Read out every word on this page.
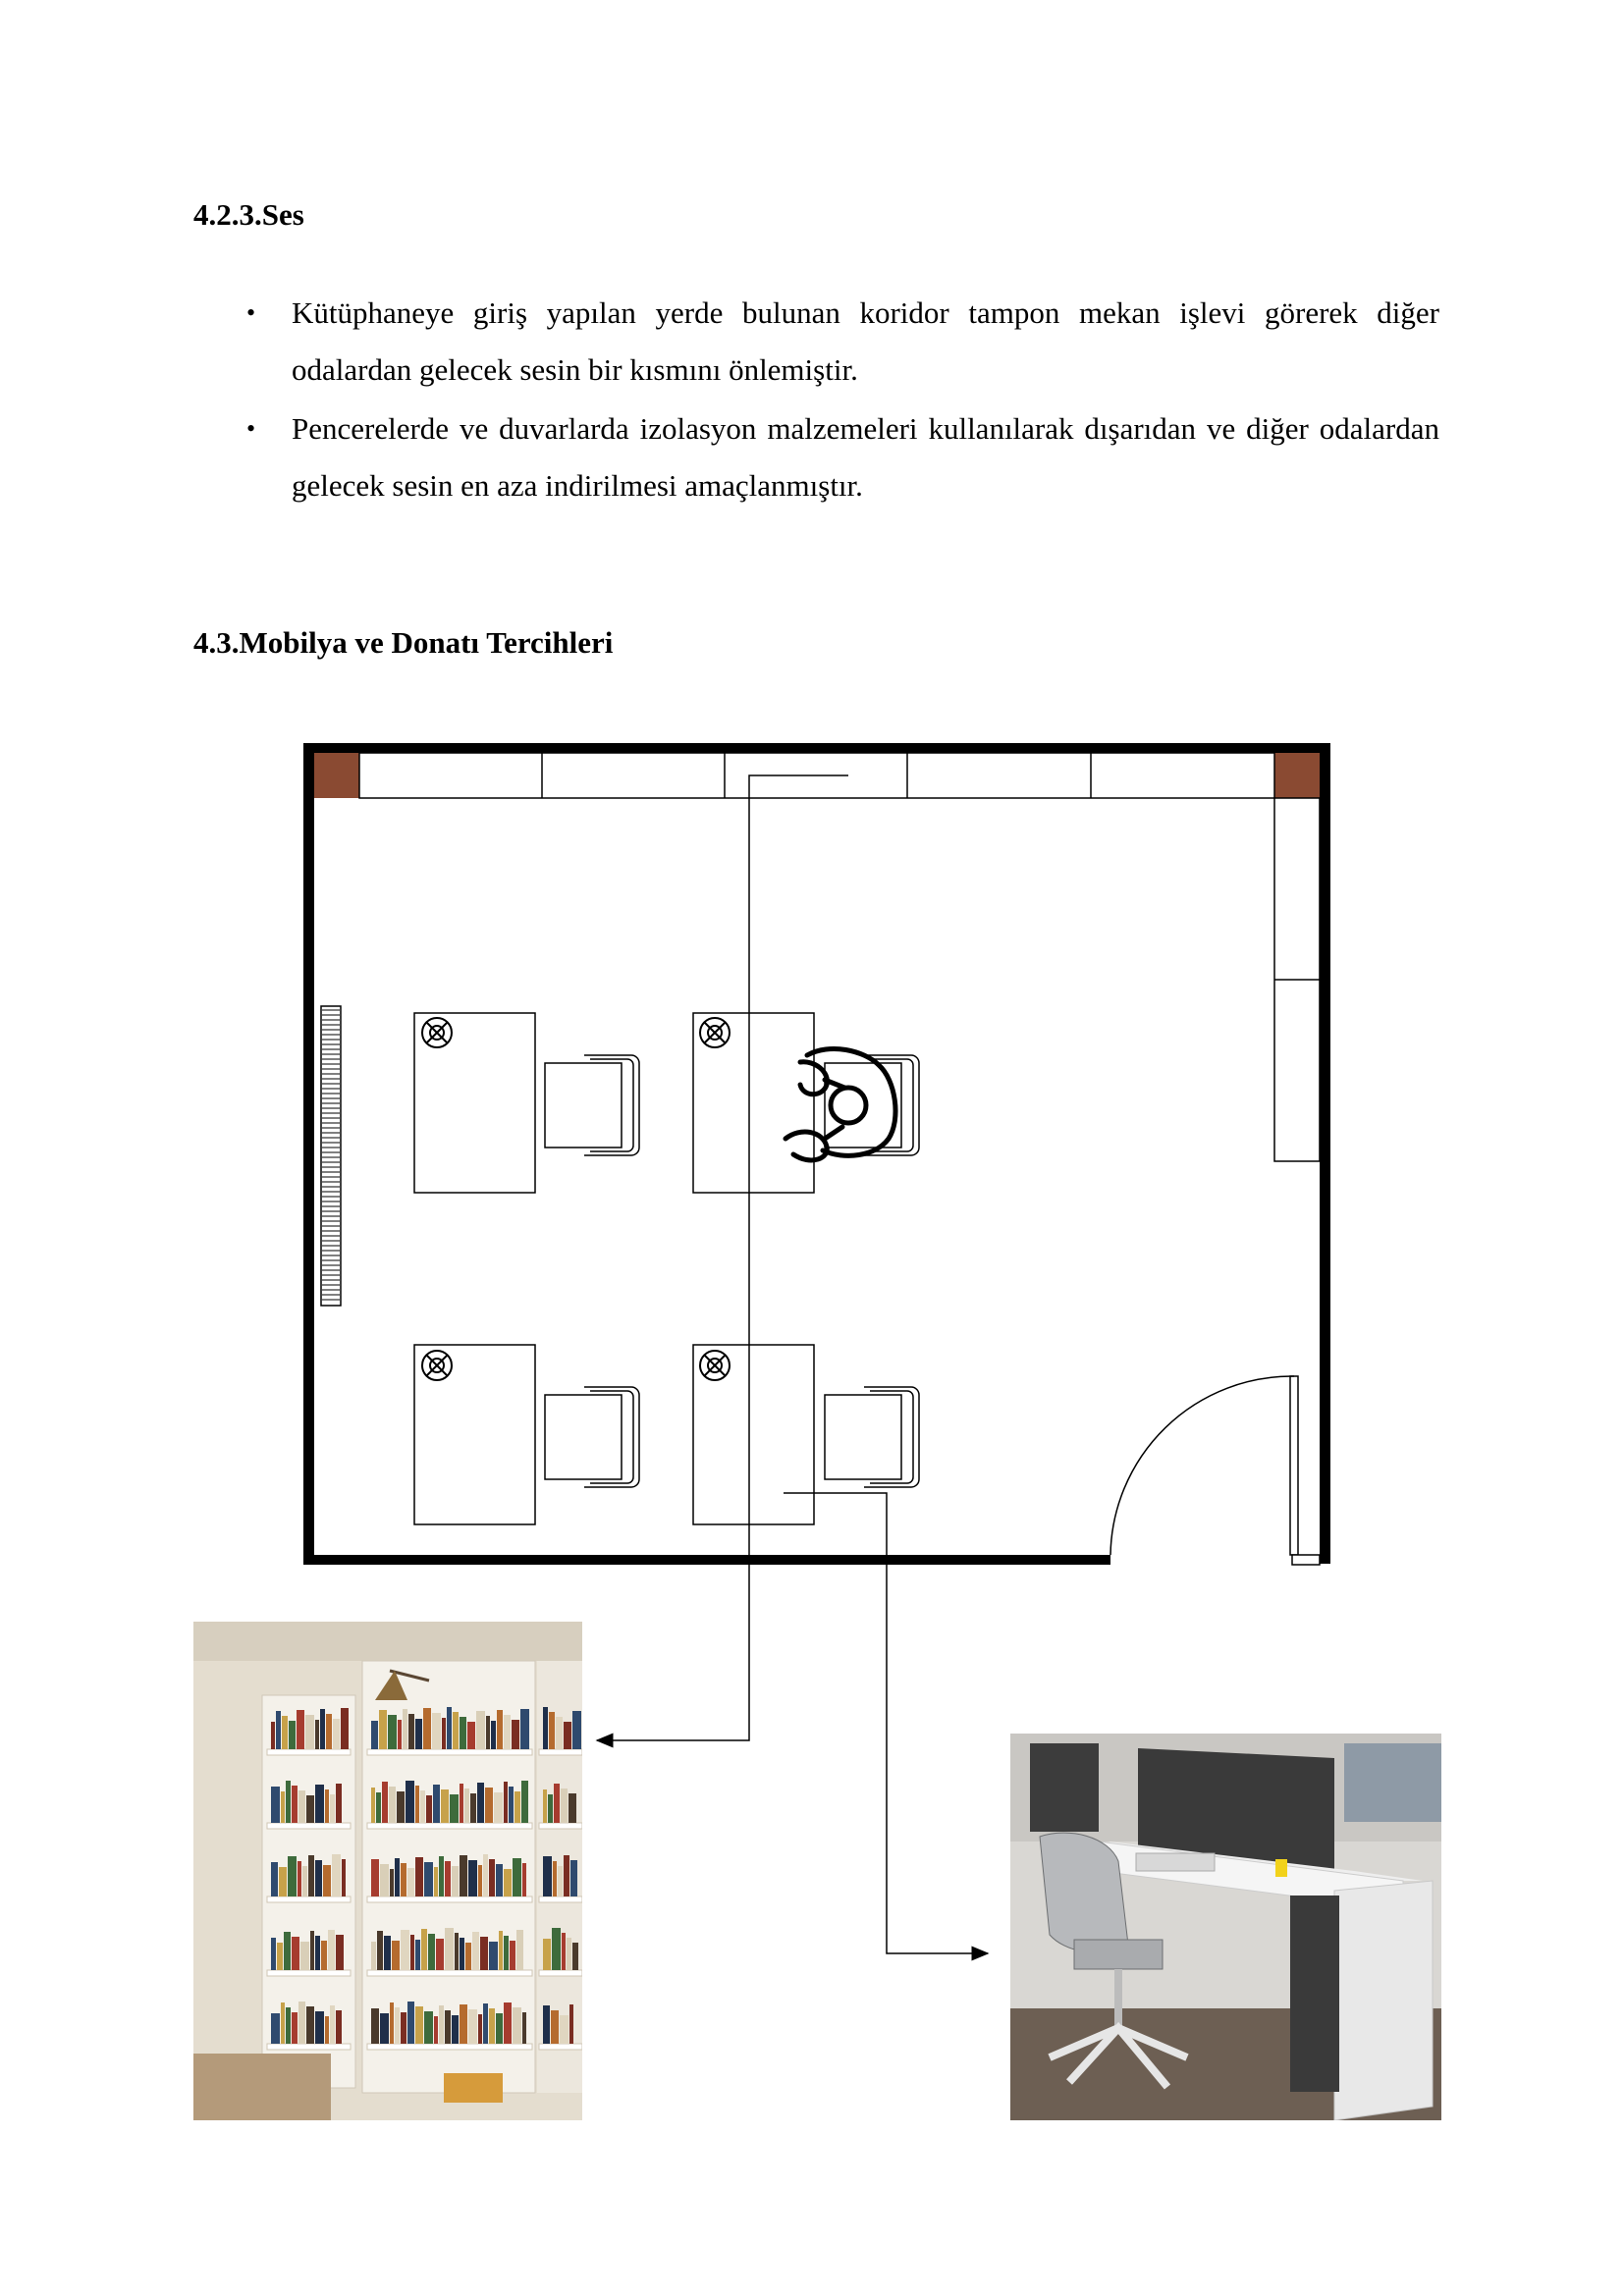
4.2.3.Ses
• Kütüphaneye giriş yapılan yerde bulunan koridor tampon mekan işlevi görerek diğer odalardan gelecek sesin bir kısmını önlemiştir.
• Pencerelerde ve duvarlarda izolasyon malzemeleri kullanılarak dışarıdan ve diğer odalardan gelecek sesin en aza indirilmesi amaçlanmıştır.
4.3.Mobilya ve Donatı Tercihleri
